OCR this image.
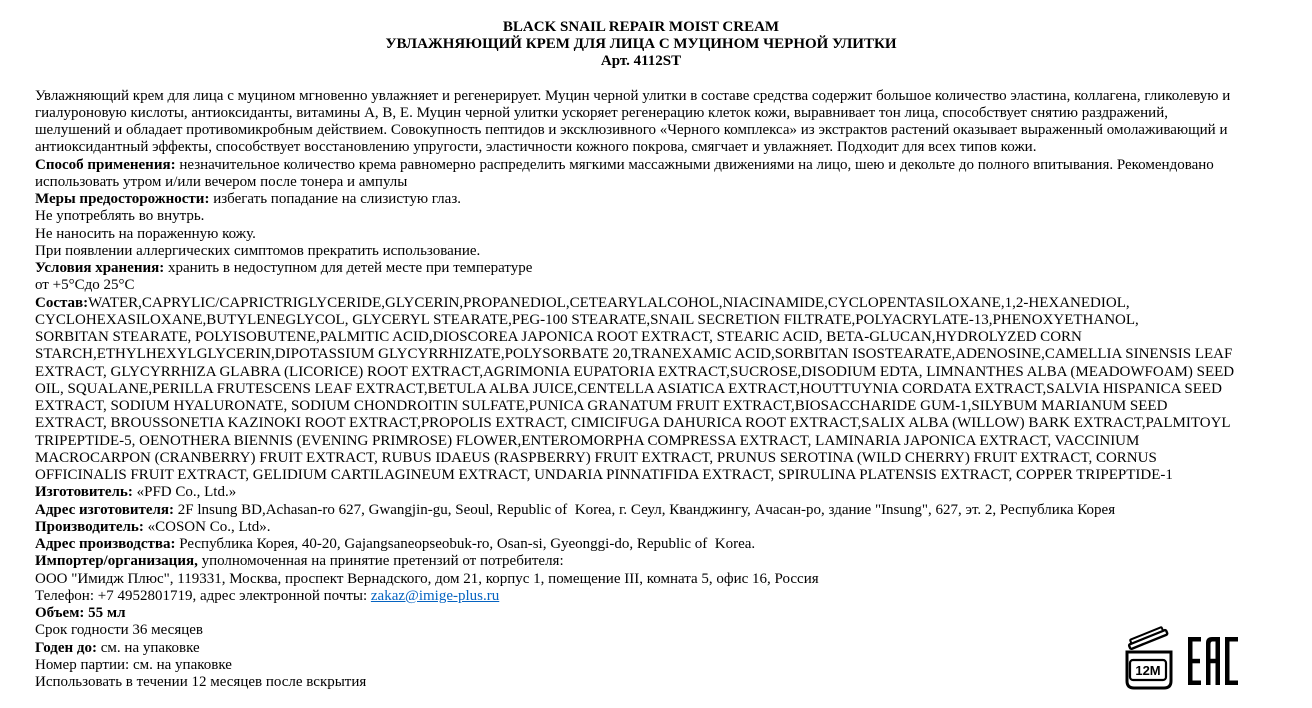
BLACK SNAIL REPAIR MOIST CREAM
УВЛАЖНЯЮЩИЙ КРЕМ ДЛЯ ЛИЦА С МУЦИНОМ ЧЕРНОЙ УЛИТКИ
Арт. 4112ST
Увлажняющий крем для лица с муцином мгновенно увлажняет и регенерирует. Муцин черной улитки в составе средства содержит большое количество эластина, коллагена, гликолевую и
гиалуроновую кислоты, антиоксиданты, витамины А, В, Е. Муцин черной улитки ускоряет регенерацию клеток кожи, выравнивает тон лица, способствует снятию раздражений,
шелушений и обладает противомикробным действием. Совокупность пептидов и эксклюзивного «Черного комплекса» из экстрактов растений оказывает выраженный омолаживающий и
антиоксидантный эффекты, способствует восстановлению упругости, эластичности кожного покрова, смягчает и увлажняет. Подходит для всех типов кожи.
Способ применения: незначительное количество крема равномерно распределить мягкими массажными движениями на лицо, шею и декольте до полного впитывания. Рекомендовано
использовать утром и/или вечером после тонера и ампулы
Меры предосторожности: избегать попадание на слизистую глаз.
Не употреблять во внутрь.
Не наносить на пораженную кожу.
При появлении аллергических симптомов прекратить использование.
Условия хранения: хранить в недоступном для детей месте при температуре
от +5°Сдо 25°С
Состав:WATER,CAPRYLIC/CAPRICTRIGLYCERIDE,GLYCERIN,PROPANEDIOL,CETEARYLALCOHOL,NIACINAMIDE,CYCLOPENTASILOXANE,1,2-HEXANEDIOL,
CYCLOHEXASILOXANE,BUTYLENEGLYCOL, GLYCERYL STEARATE,PEG-100 STEARATE,SNAIL SECRETION FILTRATE,POLYACRYLATE-13,PHENOXYETHANOL,
SORBITAN STEARATE, POLYISOBUTENE,PALMITIC ACID,DIOSCOREA JAPONICA ROOT EXTRACT, STEARIC ACID, BETA-GLUCAN,HYDROLYZED CORN
STARCH,ETHYLHEXYLGLYCERIN,DIPOTASSIUM GLYCYRRHIZATE,POLYSORBATE 20,TRANEXAMIC ACID,SORBITAN ISOSTEARATE,ADENOSINE,CAMELLIA SINENSIS LEAF
EXTRACT, GLYCYRRHIZA GLABRA (LICORICE) ROOT EXTRACT,AGRIMONIA EUPATORIA EXTRACT,SUCROSE,DISODIUM EDTA, LIMNANTHES ALBA (MEADOWFOAM) SEED
OIL, SQUALANE,PERILLA FRUTESCENS LEAF EXTRACT,BETULA ALBA JUICE,CENTELLA ASIATICA EXTRACT,HOUTTUYNIA CORDATA EXTRACT,SALVIA HISPANICA SEED
EXTRACT, SODIUM HYALURONATE, SODIUM CHONDROITIN SULFATE,PUNICA GRANATUM FRUIT EXTRACT,BIOSACCHARIDE GUM-1,SILYBUM MARIANUM SEED
EXTRACT, BROUSSONETIA KAZINOKI ROOT EXTRACT,PROPOLIS EXTRACT, CIMICIFUGA DAHURICA ROOT EXTRACT,SALIX ALBA (WILLOW) BARK EXTRACT,PALMITOYL
TRIPEPTIDE-5, OENOTHERA BIENNIS (EVENING PRIMROSE) FLOWER,ENTEROMORPHA COMPRESSA EXTRACT, LAMINARIA JAPONICA EXTRACT, VACCINIUM
MACROCARPON (CRANBERRY) FRUIT EXTRACT, RUBUS IDAEUS (RASPBERRY) FRUIT EXTRACT, PRUNUS SEROTINA (WILD CHERRY) FRUIT EXTRACT, CORNUS
OFFICINALIS FRUIT EXTRACT, GELIDIUM CARTILAGINEUM EXTRACT, UNDARIA PINNATIFIDA EXTRACT, SPIRULINA PLATENSIS EXTRACT, COPPER TRIPEPTIDE-1
Изготовитель: «PFD Co., Ltd.»
Адрес изготовителя: 2F lnsung BD,Achasan-ro 627, Gwangjin-gu, Seoul, Republic of  Korea, г. Сеул, Кванджингу, Ачасан-ро, здание "Insung", 627, эт. 2, Республика Корея
Производитель: «COSON Co., Ltd».
Адрес производства: Республика Корея, 40-20, Gajangsaneopseobuk-ro, Osan-si, Gyeonggi-do, Republic of  Korea.
Импортер/организация, уполномоченная на принятие претензий от потребителя:
ООО "Имидж Плюс", 119331, Москва, проспект Вернадского, дом 21, корпус 1, помещение III, комната 5, офис 16, Россия
Телефон: +7 4952801719, адрес электронной почты: zakaz@imige-plus.ru
Объем: 55 мл
Срок годности 36 месяцев
Годен до: см. на упаковке
Номер партии: см. на упаковке
Использовать в течении 12 месяцев после вскрытия
12M
